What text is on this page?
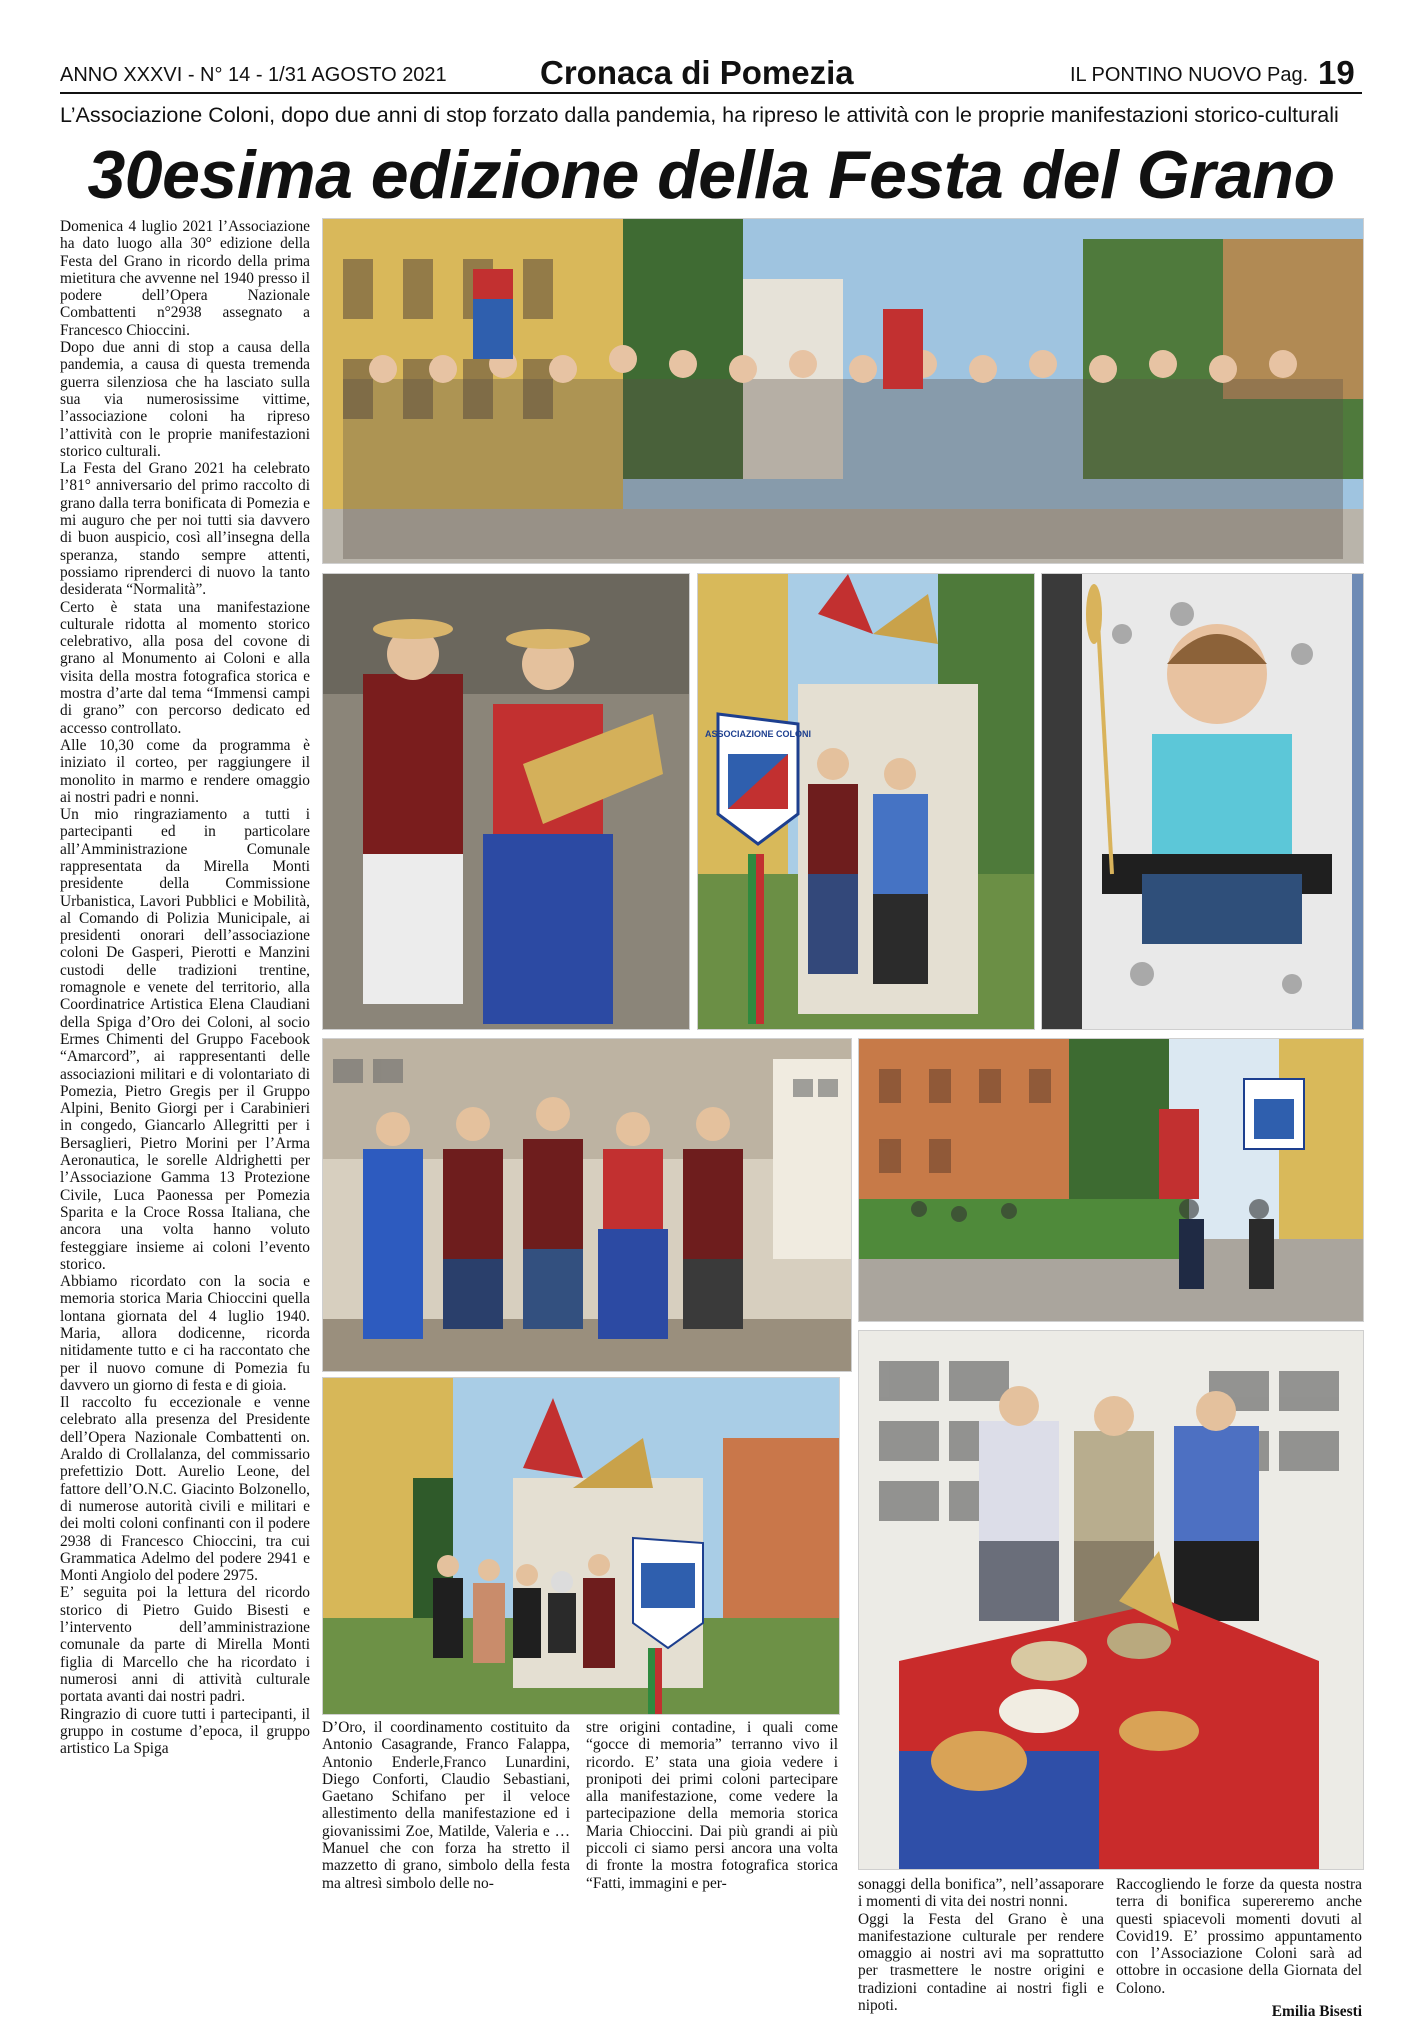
ANNO XXXVI - N° 14 - 1/31 AGOSTO 2021	Cronaca di Pomezia	IL PONTINO NUOVO Pag. 19
L’Associazione Coloni, dopo due anni di stop forzato dalla pandemia, ha ripreso le attività con le proprie manifestazioni storico-culturali
30esima edizione della Festa del Grano

Domenica 4 luglio 2021 l’Associazione ha dato luogo alla 30° edizione della Festa del Grano in ricordo della prima mietitura che avvenne nel 1940 presso il podere dell’Opera Nazionale Combattenti n°2938 assegnato a Francesco Chioccini.

Dopo due anni di stop a causa della pandemia, a causa di questa tremenda guerra silenziosa che ha lasciato sulla sua via numerosissime vittime, l’associazione coloni ha ripreso l’attività con le proprie manifestazioni storico culturali.

La Festa del Grano 2021 ha celebrato l’81° anniversario del primo raccolto di grano dalla terra bonificata di Pomezia e mi auguro che per noi tutti sia davvero di buon auspicio, così all’insegna della speranza, stando sempre attenti, possiamo riprenderci di nuovo la tanto desiderata “Normalità”.

Certo è stata una manifestazione culturale ridotta al momento storico celebrativo, alla posa del covone di grano al Monumento ai Coloni e alla visita della mostra fotografica storica e mostra d’arte dal tema “Immensi campi di grano” con percorso dedicato ed accesso controllato.

Alle 10,30 come da programma è iniziato il corteo, per raggiungere il monolito in marmo e rendere omaggio ai nostri padri e nonni.

Un mio ringraziamento a tutti i partecipanti ed in particolare all’Amministrazione Comunale rappresentata da Mirella Monti presidente della Commissione Urbanistica, Lavori Pubblici e Mobilità, al Comando di Polizia Municipale, ai presidenti onorari dell’associazione coloni De Gasperi, Pierotti e Manzini custodi delle tradizioni trentine, romagnole e venete del territorio, alla Coordinatrice Artistica Elena Claudiani della Spiga d’Oro dei Coloni, al socio Ermes Chimenti del Gruppo Facebook “Amarcord”, ai rappresentanti delle associazioni militari e di volontariato di Pomezia, Pietro Gregis per il Gruppo Alpini, Benito Giorgi per i Carabinieri in congedo, Giancarlo Allegritti per i Bersaglieri, Pietro Morini per l’Arma Aeronautica, le sorelle Aldrighetti per l’Associazione Gamma 13 Protezione Civile, Luca Paonessa per Pomezia Sparita e la Croce Rossa Italiana, che ancora una volta hanno voluto festeggiare insieme ai coloni l’evento storico.

Abbiamo ricordato con la socia e memoria storica Maria Chioccini quella lontana giornata del 4 luglio 1940. Maria, allora dodicenne, ricorda nitidamente tutto e ci ha raccontato che per il nuovo comune di Pomezia fu davvero un giorno di festa e di gioia.

Il raccolto fu eccezionale e venne celebrato alla presenza del Presidente dell’Opera Nazionale Combattenti on. Araldo di Crollalanza, del commissario prefettizio Dott. Aurelio Leone, del fattore dell’O.N.C. Giacinto Bolzonello, di numerose autorità civili e militari e dei molti coloni confinanti con il podere 2938 di Francesco Chioccini, tra cui Grammatica Adelmo del podere 2941 e Monti Angiolo del podere 2975.

E’ seguita poi la lettura del ricordo storico di Pietro Guido Bisesti e l’intervento dell’amministrazione comunale da parte di Mirella Monti figlia di Marcello che ha ricordato i numerosi anni di attività culturale portata avanti dai nostri padri.

Ringrazio di cuore tutti i partecipanti, il gruppo in costume d’epoca, il gruppo artistico La Spiga

ASSOCIAZIONE COLONI

D’Oro, il coordinamento costituito da Antonio Casagrande, Franco Falappa, Antonio Enderle,Franco Lunardini, Diego Conforti, Claudio Sebastiani, Gaetano Schifano per il veloce allestimento della manifestazione ed i giovanissimi Zoe, Matilde, Valeria e … Manuel che con forza ha stretto il mazzetto di grano, simbolo della festa ma altresì simbolo delle no-

stre origini contadine, i quali come “gocce di memoria” terranno vivo il ricordo. E’ stata una gioia vedere i pronipoti dei primi coloni partecipare alla manifestazione, come vedere la partecipazione della memoria storica Maria Chioccini. Dai più grandi ai più piccoli ci siamo persi ancora una volta di fronte la mostra fotografica storica “Fatti, immagini e per-	sonaggi della bonifica”, nell’assaporare i momenti di vita dei nostri nonni.

Oggi la Festa del Grano è una manifestazione culturale per rendere omaggio ai nostri avi ma soprattutto per trasmettere le nostre origini e tradizioni contadine ai nostri figli e nipoti.

Raccogliendo le forze da questa nostra terra di bonifica supereremo anche questi spiacevoli momenti dovuti al Covid19. E’ prossimo appuntamento con l’Associazione Coloni sarà ad ottobre in occasione della Giornata del Colono.

Emilia Bisesti
